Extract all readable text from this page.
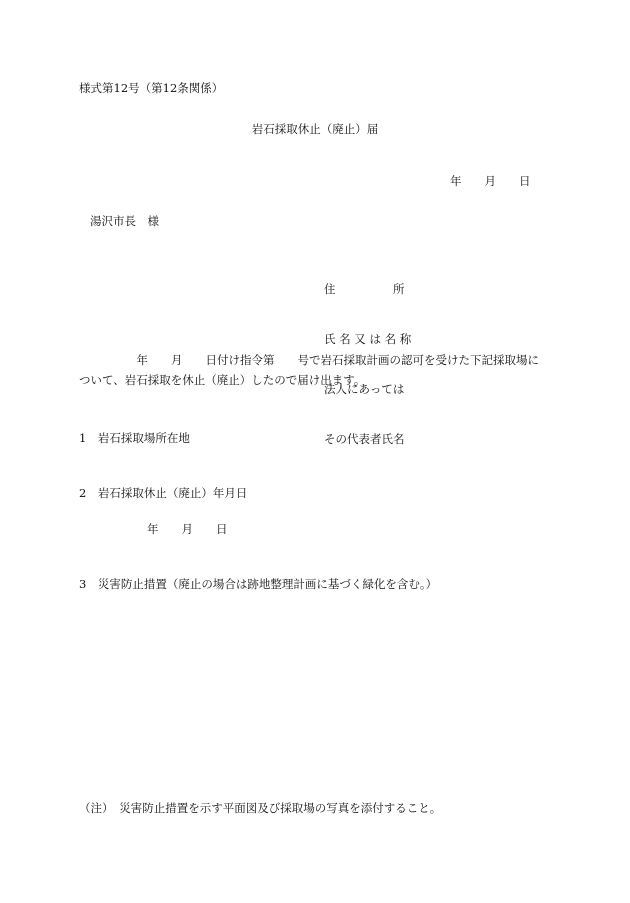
様式第12号（第12条関係）
岩石採取休止（廃止）届
年　　月　　日
湯沢市長　様

住　　　　　所

氏 名 又 は 名 称

法人にあっては

その代表者氏名

　　　　　年　　月　　日付け指令第　　号で岩石採取計画の認可を受けた下記採取場に
ついて、岩石採取を休止（廃止）したので届け出ます。
1　岩石採取場所在地
2　岩石採取休止（廃止）年月日
年　　月　　日
3　災害防止措置（廃止の場合は跡地整理計画に基づく緑化を含む。）
（注）　災害防止措置を示す平面図及び採取場の写真を添付すること。
